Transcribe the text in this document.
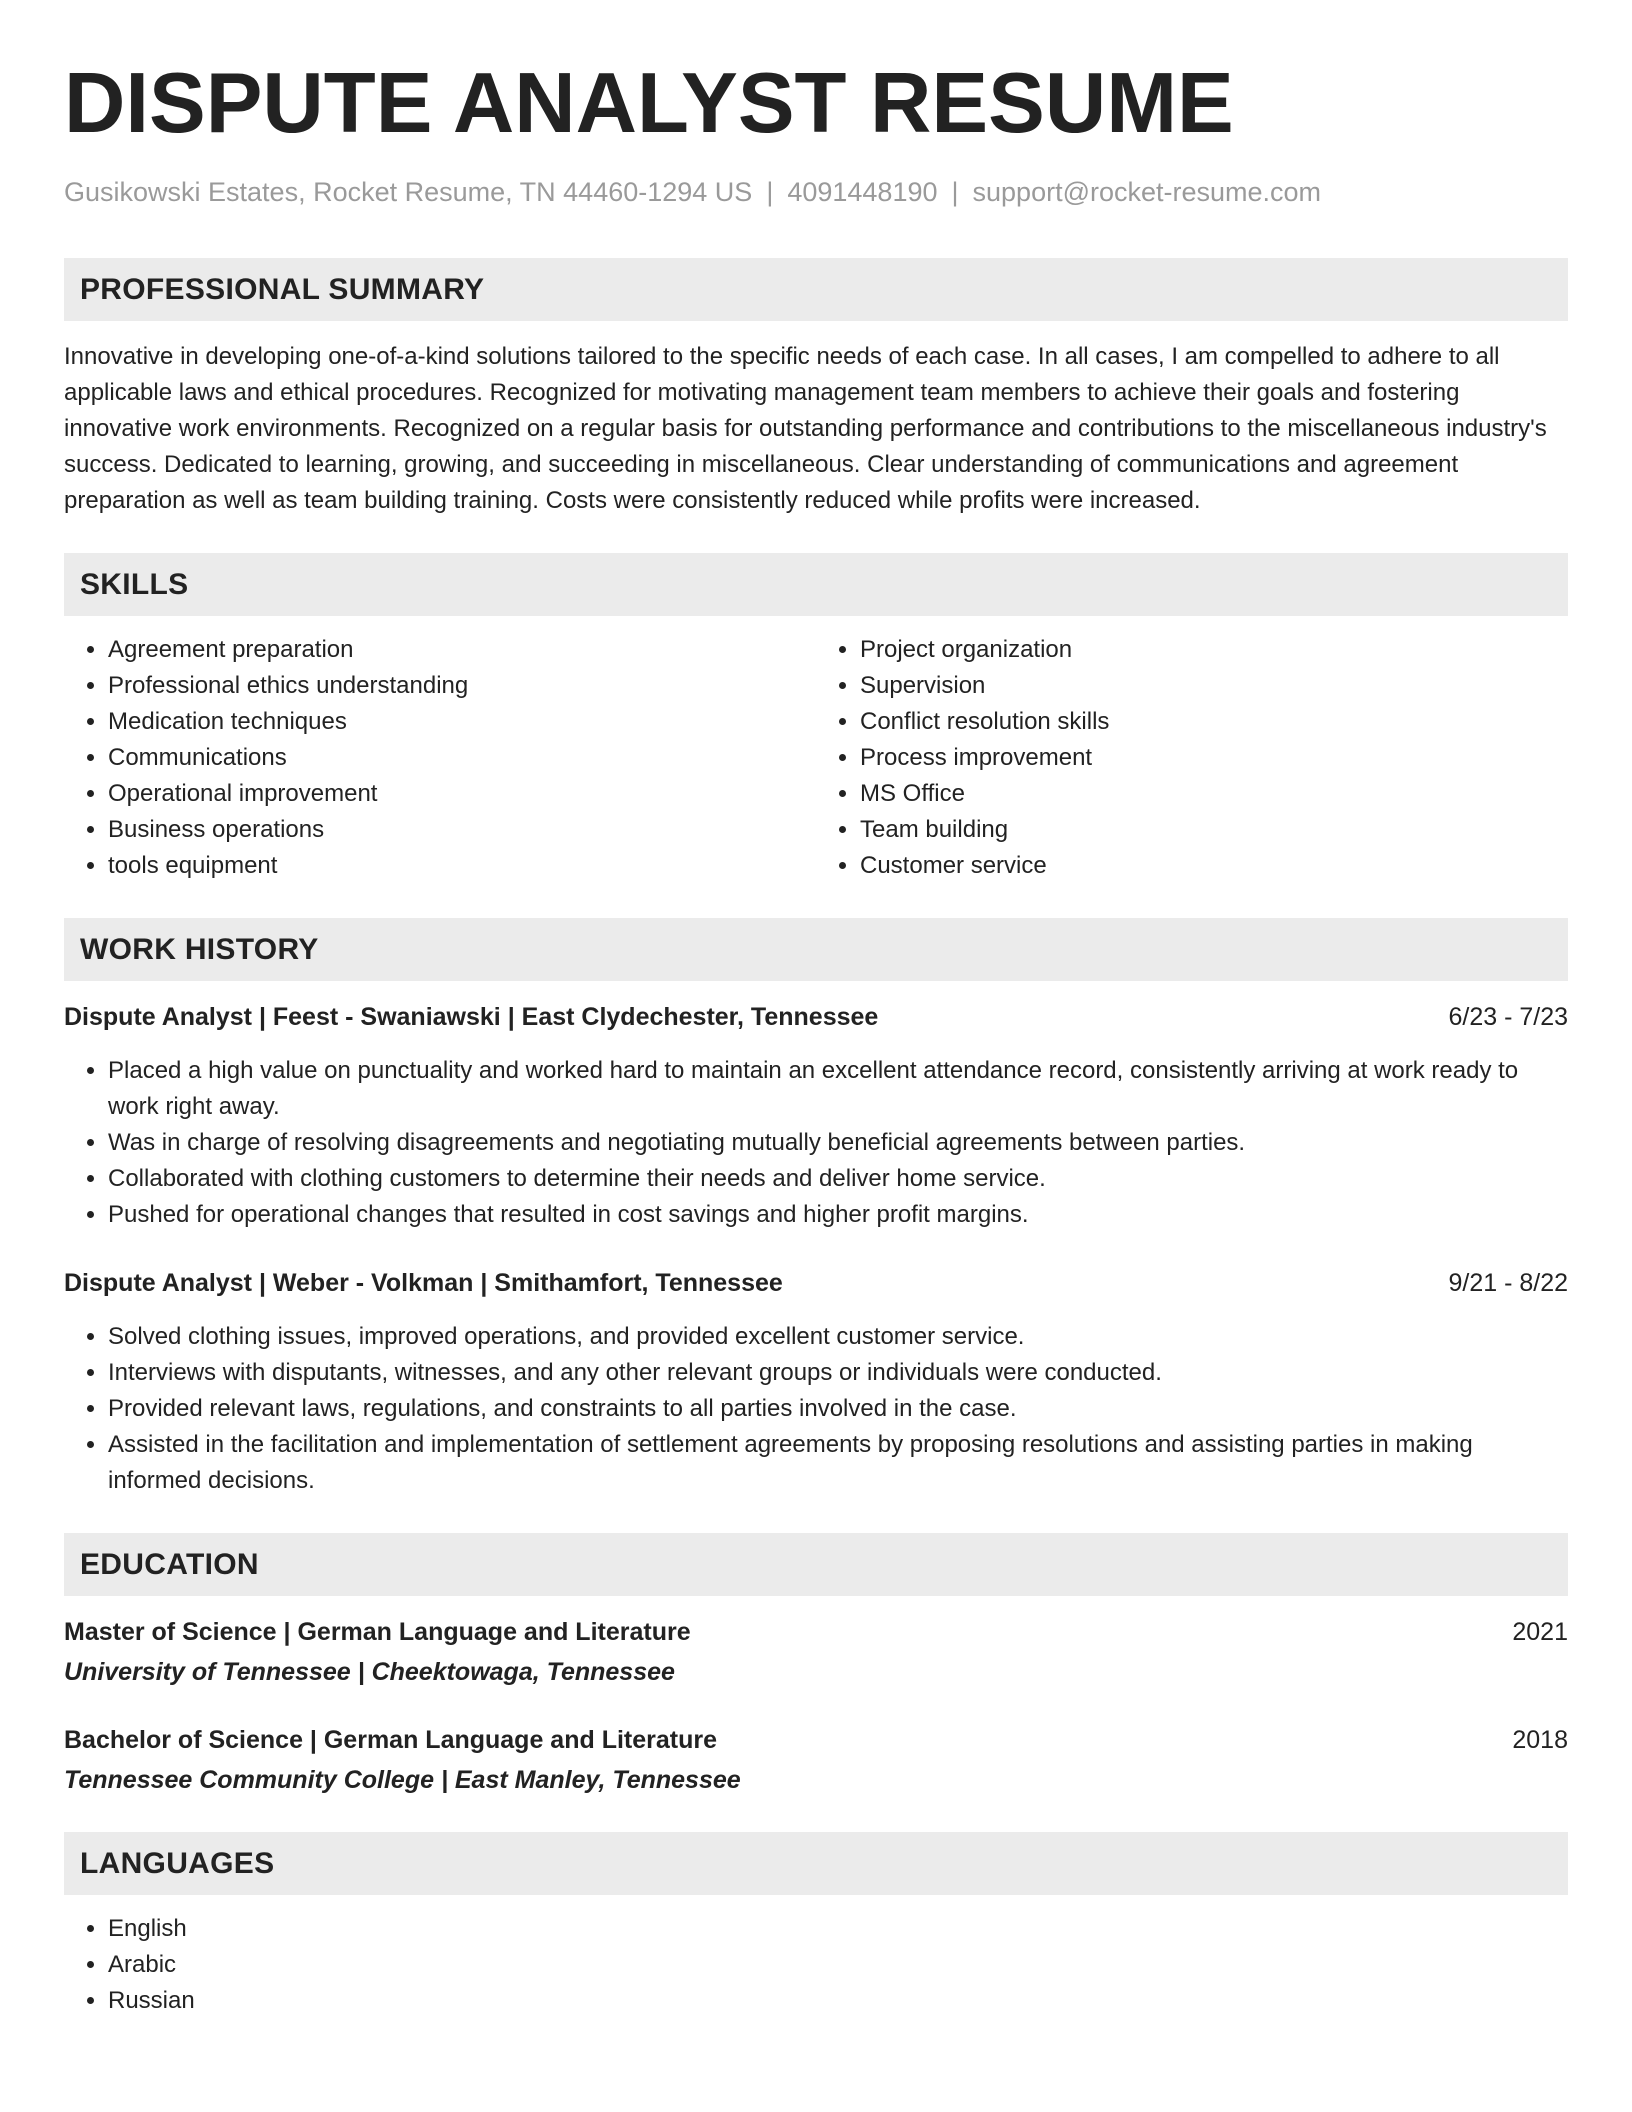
DISPUTE ANALYST RESUME
Gusikowski Estates, Rocket Resume, TN 44460-1294 US | 4091448190 | support@rocket-resume.com
PROFESSIONAL SUMMARY

Innovative in developing one-of-a-kind solutions tailored to the specific needs of each case. In all cases, I am compelled to adhere to all applicable laws and ethical procedures. Recognized for motivating management team members to achieve their goals and fostering innovative work environments. Recognized on a regular basis for outstanding performance and contributions to the miscellaneous industry's success. Dedicated to learning, growing, and succeeding in miscellaneous. Clear understanding of communications and agreement preparation as well as team building training. Costs were consistently reduced while profits were increased.

SKILLS
• Agreement preparation
• Professional ethics understanding
• Medication techniques
• Communications
• Operational improvement
• Business operations
• tools equipment
• Project organization
• Supervision
• Conflict resolution skills
• Process improvement
• MS Office
• Team building
• Customer service
WORK HISTORY
Dispute Analyst | Feest - Swaniawski | East Clydechester, Tennessee	6/23 - 7/23
• Placed a high value on punctuality and worked hard to maintain an excellent attendance record, consistently arriving at work ready to work right away.
• Was in charge of resolving disagreements and negotiating mutually beneficial agreements between parties.
• Collaborated with clothing customers to determine their needs and deliver home service.
• Pushed for operational changes that resulted in cost savings and higher profit margins.
Dispute Analyst | Weber - Volkman | Smithamfort, Tennessee	9/21 - 8/22
• Solved clothing issues, improved operations, and provided excellent customer service.
• Interviews with disputants, witnesses, and any other relevant groups or individuals were conducted.
• Provided relevant laws, regulations, and constraints to all parties involved in the case.
• Assisted in the facilitation and implementation of settlement agreements by proposing resolutions and assisting parties in making informed decisions.
EDUCATION
Master of Science | German Language and Literature	2021
University of Tennessee | Cheektowaga, Tennessee
Bachelor of Science | German Language and Literature	2018
Tennessee Community College | East Manley, Tennessee
LANGUAGES
• English
• Arabic
• Russian
